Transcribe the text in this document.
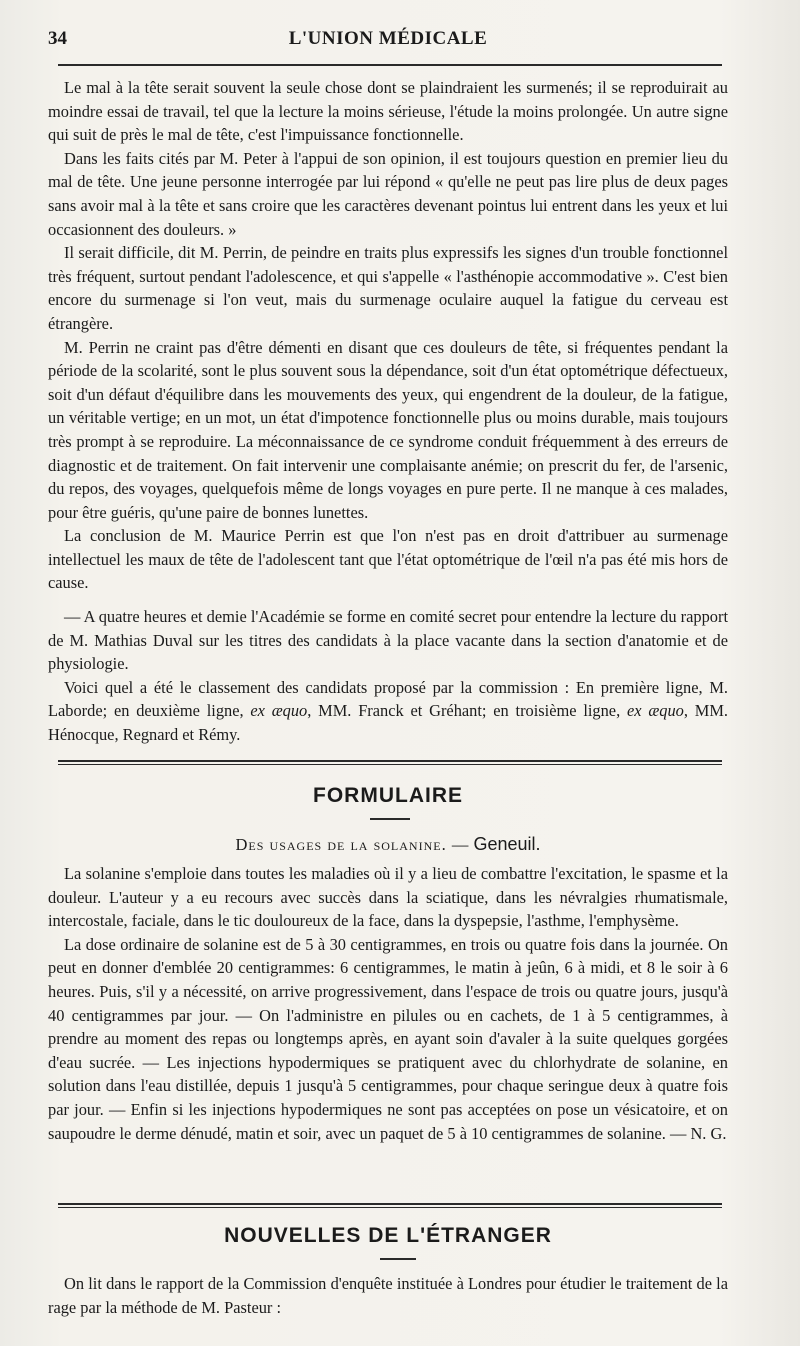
34	L'UNION MÉDICALE

Le mal à la tête serait souvent la seule chose dont se plaindraient les surmenés; il se reproduirait au moindre essai de travail, tel que la lecture la moins sérieuse, l'étude la moins prolongée. Un autre signe qui suit de près le mal de tête, c'est l'impuissance fonctionnelle.

Dans les faits cités par M. Peter à l'appui de son opinion, il est toujours question en premier lieu du mal de tête. Une jeune personne interrogée par lui répond « qu'elle ne peut pas lire plus de deux pages sans avoir mal à la tête et sans croire que les caractères devenant pointus lui entrent dans les yeux et lui occasionnent des douleurs. »

Il serait difficile, dit M. Perrin, de peindre en traits plus expressifs les signes d'un trouble fonctionnel très fréquent, surtout pendant l'adolescence, et qui s'appelle « l'asthénopie accommodative ». C'est bien encore du surmenage si l'on veut, mais du surmenage oculaire auquel la fatigue du cerveau est étrangère.

M. Perrin ne craint pas d'être démenti en disant que ces douleurs de tête, si fréquentes pendant la période de la scolarité, sont le plus souvent sous la dépendance, soit d'un état optométrique défectueux, soit d'un défaut d'équilibre dans les mouvements des yeux, qui engendrent de la douleur, de la fatigue, un véritable vertige; en un mot, un état d'impotence fonctionnelle plus ou moins durable, mais toujours très prompt à se reproduire. La méconnaissance de ce syndrome conduit fréquemment à des erreurs de diagnostic et de traitement. On fait intervenir une complaisante anémie; on prescrit du fer, de l'arsenic, du repos, des voyages, quelquefois même de longs voyages en pure perte. Il ne manque à ces malades, pour être guéris, qu'une paire de bonnes lunettes.

La conclusion de M. Maurice Perrin est que l'on n'est pas en droit d'attribuer au surmenage intellectuel les maux de tête de l'adolescent tant que l'état optométrique de l'œil n'a pas été mis hors de cause.

— A quatre heures et demie l'Académie se forme en comité secret pour entendre la lecture du rapport de M. Mathias Duval sur les titres des candidats à la place vacante dans la section d'anatomie et de physiologie.

Voici quel a été le classement des candidats proposé par la commission : En première ligne, M. Laborde; en deuxième ligne, ex æquo, MM. Franck et Gréhant; en troisième ligne, ex æquo, MM. Hénocque, Regnard et Rémy.

FORMULAIRE
Des usages de la solanine. — Geneuil.

La solanine s'emploie dans toutes les maladies où il y a lieu de combattre l'excitation, le spasme et la douleur. L'auteur y a eu recours avec succès dans la sciatique, dans les névralgies rhumatismale, intercostale, faciale, dans le tic douloureux de la face, dans la dyspepsie, l'asthme, l'emphysème.

La dose ordinaire de solanine est de 5 à 30 centigrammes, en trois ou quatre fois dans la journée. On peut en donner d'emblée 20 centigrammes: 6 centigrammes, le matin à jeûn, 6 à midi, et 8 le soir à 6 heures. Puis, s'il y a nécessité, on arrive progressivement, dans l'espace de trois ou quatre jours, jusqu'à 40 centigrammes par jour. — On l'administre en pilules ou en cachets, de 1 à 5 centigrammes, à prendre au moment des repas ou longtemps après, en ayant soin d'avaler à la suite quelques gorgées d'eau sucrée. — Les injections hypodermiques se pratiquent avec du chlorhydrate de solanine, en solution dans l'eau distillée, depuis 1 jusqu'à 5 centigrammes, pour chaque seringue deux à quatre fois par jour. — Enfin si les injections hypodermiques ne sont pas acceptées on pose un vésicatoire, et on saupoudre le derme dénudé, matin et soir, avec un paquet de 5 à 10 centigrammes de solanine. — N. G.

NOUVELLES DE L'ÉTRANGER

On lit dans le rapport de la Commission d'enquête instituée à Londres pour étudier le traitement de la rage par la méthode de M. Pasteur :
